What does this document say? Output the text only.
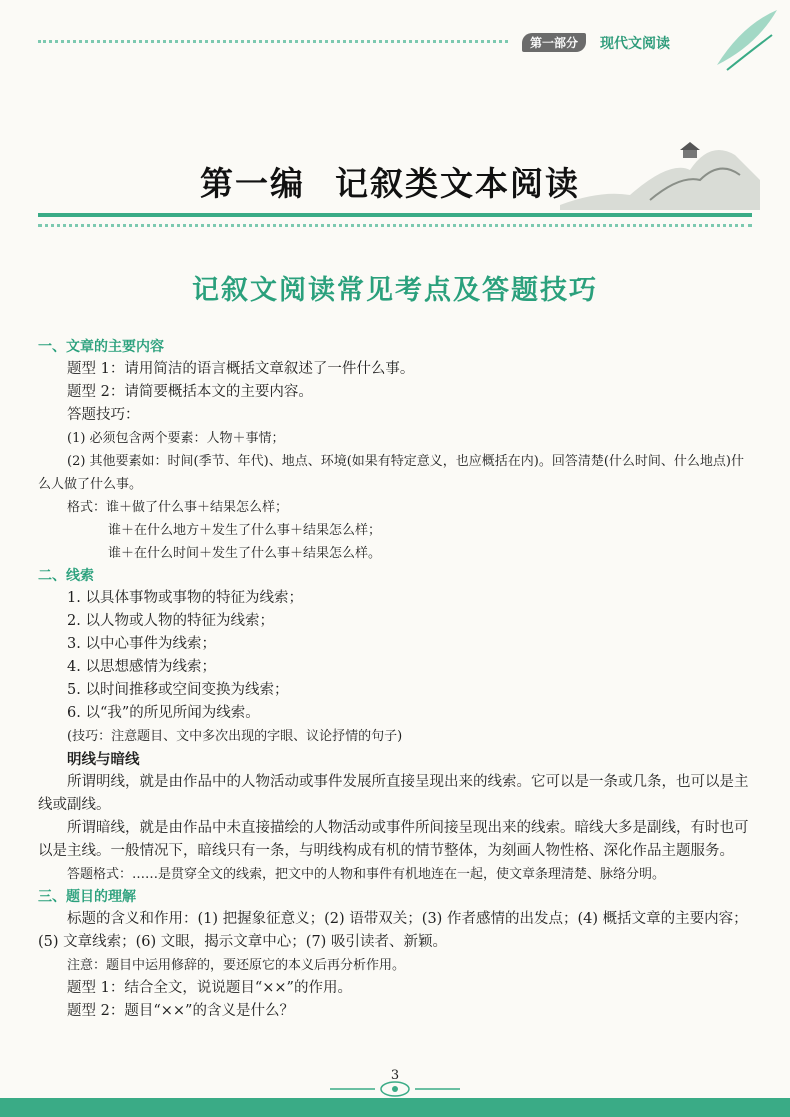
第一部分	现代文阅读
第一编 记叙类文本阅读
记叙文阅读常见考点及答题技巧

一、文章的主要内容

题型 1：请用简洁的语言概括文章叙述了一件什么事。

题型 2：请简要概括本文的主要内容。

答题技巧：

(1) 必须包含两个要素：人物＋事情；

(2) 其他要素如：时间(季节、年代)、地点、环境(如果有特定意义，也应概括在内)。回答清楚(什么时间、什么地点)什么人做了什么事。

格式：谁＋做了什么事＋结果怎么样；

谁＋在什么地方＋发生了什么事＋结果怎么样；

谁＋在什么时间＋发生了什么事＋结果怎么样。

二、线索

1. 以具体事物或事物的特征为线索；

2. 以人物或人物的特征为线索；

3. 以中心事件为线索；

4. 以思想感情为线索；

5. 以时间推移或空间变换为线索；

6. 以“我”的所见所闻为线索。

(技巧：注意题目、文中多次出现的字眼、议论抒情的句子)

明线与暗线

所谓明线，就是由作品中的人物活动或事件发展所直接呈现出来的线索。它可以是一条或几条，也可以是主线或副线。

所谓暗线，就是由作品中未直接描绘的人物活动或事件所间接呈现出来的线索。暗线大多是副线，有时也可以是主线。一般情况下，暗线只有一条，与明线构成有机的情节整体，为刻画人物性格、深化作品主题服务。

答题格式：……是贯穿全文的线索，把文中的人物和事件有机地连在一起，使文章条理清楚、脉络分明。

三、题目的理解

标题的含义和作用：(1) 把握象征意义；(2) 语带双关；(3) 作者感情的出发点；(4) 概括文章的主要内容；(5) 文章线索；(6) 文眼，揭示文章中心；(7) 吸引读者、新颖。

注意：题目中运用修辞的，要还原它的本义后再分析作用。

题型 1：结合全文，说说题目“××”的作用。

题型 2：题目“××”的含义是什么？

3
